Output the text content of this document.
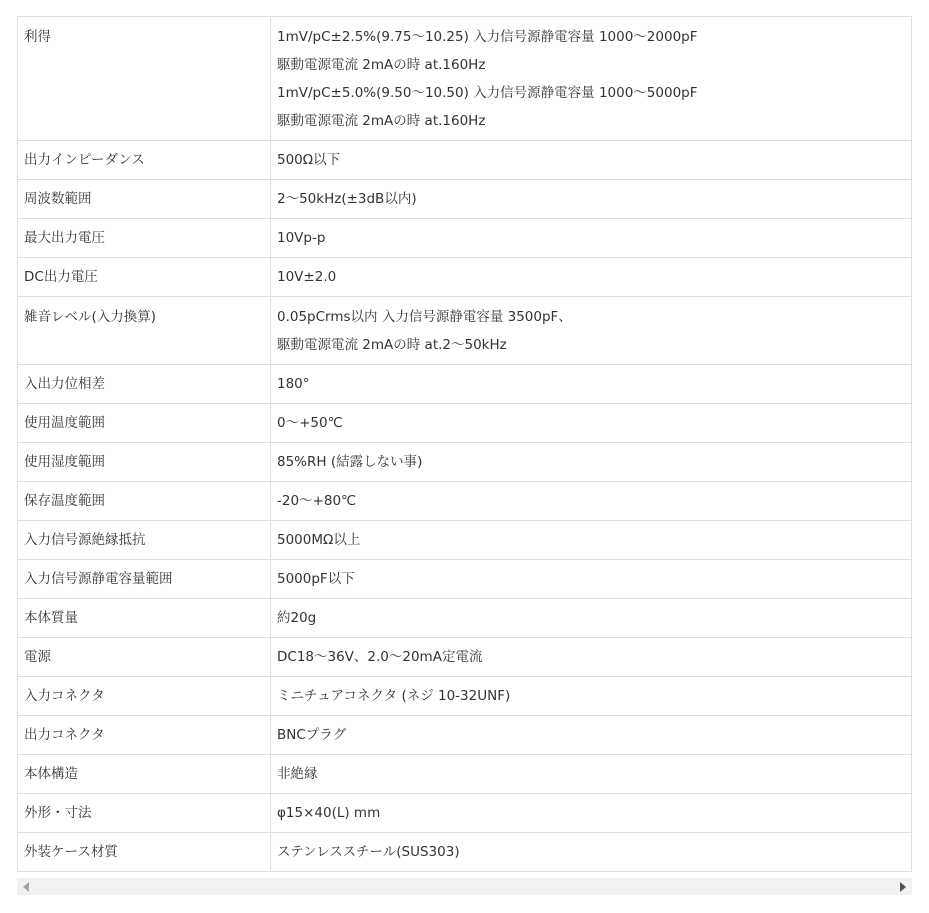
利得	1mV/pC±2.5%(9.75〜10.25) 入力信号源静電容量 1000〜2000pF
駆動電源電流 2mAの時 at.160Hz
1mV/pC±5.0%(9.50〜10.50) 入力信号源静電容量 1000〜5000pF
駆動電源電流 2mAの時 at.160Hz

出力インピーダンス	500Ω以下
周波数範囲	2〜50kHz(±3dB以内)
最大出力電圧	10Vp-p
DC出力電圧	10V±2.0
雑音レベル(入力換算)	0.05pCrms以内 入力信号源静電容量 3500pF、
駆動電源電流 2mAの時 at.2〜50kHz

入出力位相差	180°
使用温度範囲	0〜+50℃
使用湿度範囲	85%RH (結露しない事)
保存温度範囲	-20〜+80℃
入力信号源絶縁抵抗	5000MΩ以上
入力信号源静電容量範囲	5000pF以下
本体質量	約20g
電源	DC18〜36V、2.0〜20mA定電流
入力コネクタ	ミニチュアコネクタ (ネジ 10-32UNF)
出力コネクタ	BNCプラグ
本体構造	非絶縁
外形・寸法	φ15×40(L) mm
外装ケース材質	ステンレススチール(SUS303)
